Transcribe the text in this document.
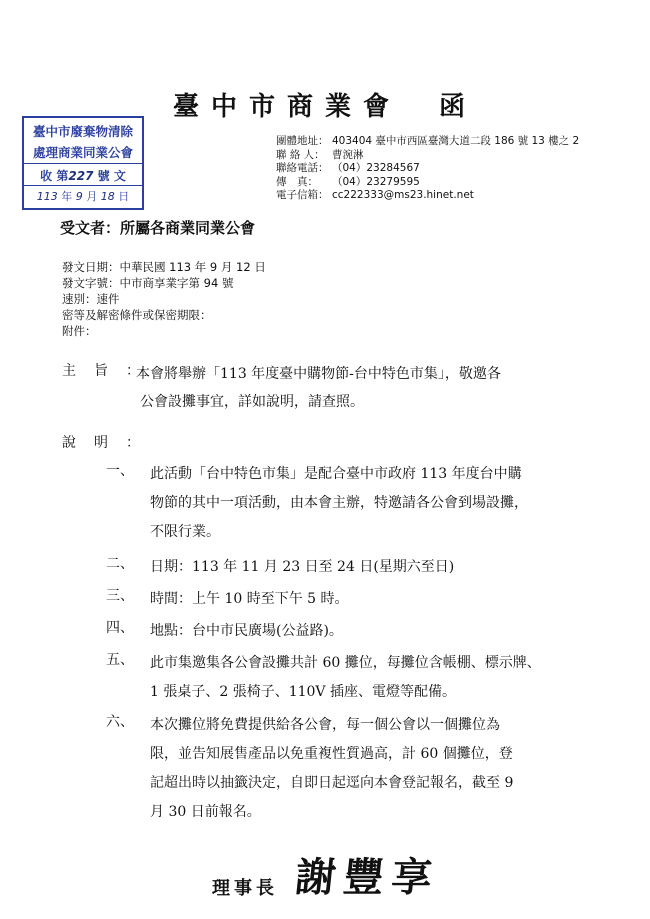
臺中市商業會　函
臺中市廢棄物清除
處理商業同業公會
收 第227 號 文
113 年 9 月 18 日
團體地址： 403404 臺中市西區臺灣大道二段 186 號 13 樓之 2
聯 絡 人： 曹涴淋
聯絡電話： （04）23284567
傳　真：	（04）23279595
電子信箱： cc222333@ms23.hinet.net
受文者：所屬各商業同業公會
發文日期：中華民國 113 年 9 月 12 日
發文字號：中市商享業字第 94 號
速別：速件
密等及解密條件或保密期限：
附件：
主旨：
本會將舉辦「113 年度臺中購物節-台中特色市集」，敬邀各
公會設攤事宜，詳如說明，請查照。
說明：
一、	此活動「台中特色市集」是配合臺中市政府 113 年度台中購
物節的其中一項活動，由本會主辦，特邀請各公會到場設攤，
不限行業。
二、	日期：113 年 11 月 23 日至 24 日(星期六至日)
三、	時間：上午 10 時至下午 5 時。
四、	地點：台中市民廣場(公益路)。
五、	此市集邀集各公會設攤共計 60 攤位，每攤位含帳棚、標示牌、
1 張桌子、2 張椅子、110V 插座、電燈等配備。
六、	本次攤位將免費提供給各公會，每一個公會以一個攤位為
限，並告知展售產品以免重複性質過高，計 60 個攤位，登
記超出時以抽籤決定，自即日起逕向本會登記報名，截至 9
月 30 日前報名。
理事長 謝豐享
